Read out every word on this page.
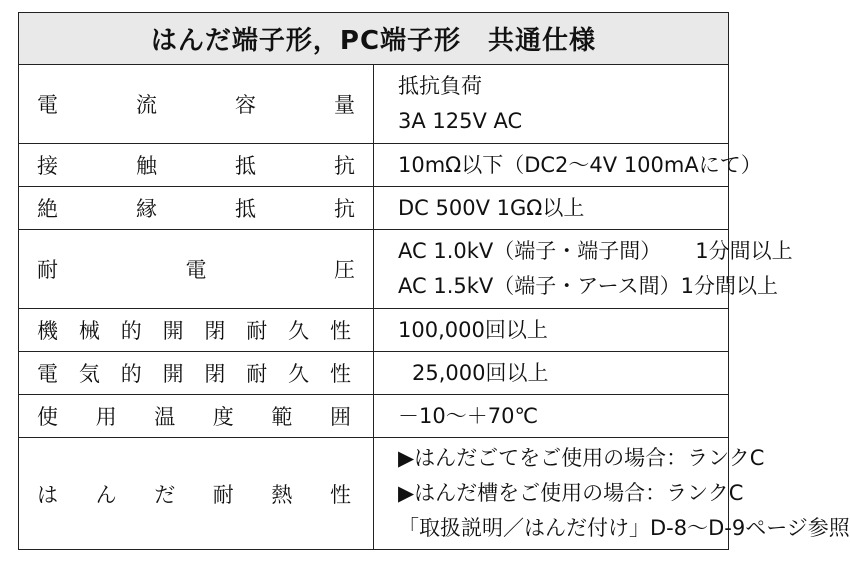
はんだ端子形，PC端子形　共通仕様	
電　流　容　量	抵抗負荷
3A 125V AC

接　触　抵　抗	10mΩ以下（DC2～4V 100mAにて）

絶　縁　抵　抗	DC 500V 1GΩ以上

耐　　電　　圧	AC 1.0kV（端子・端子間） 1分間以上
AC 1.5kV（端子・アース間）1分間以上

機械的開閉耐久性	100,000回以上

電気的開閉耐久性	25,000回以上

使用温度範囲	－10～＋70℃

はんだ耐熱性	▶はんだごてをご使用の場合：ランクC
▶はんだ槽をご使用の場合：ランクC
「取扱説明／はんだ付け」D-8～D-9ページ参照
